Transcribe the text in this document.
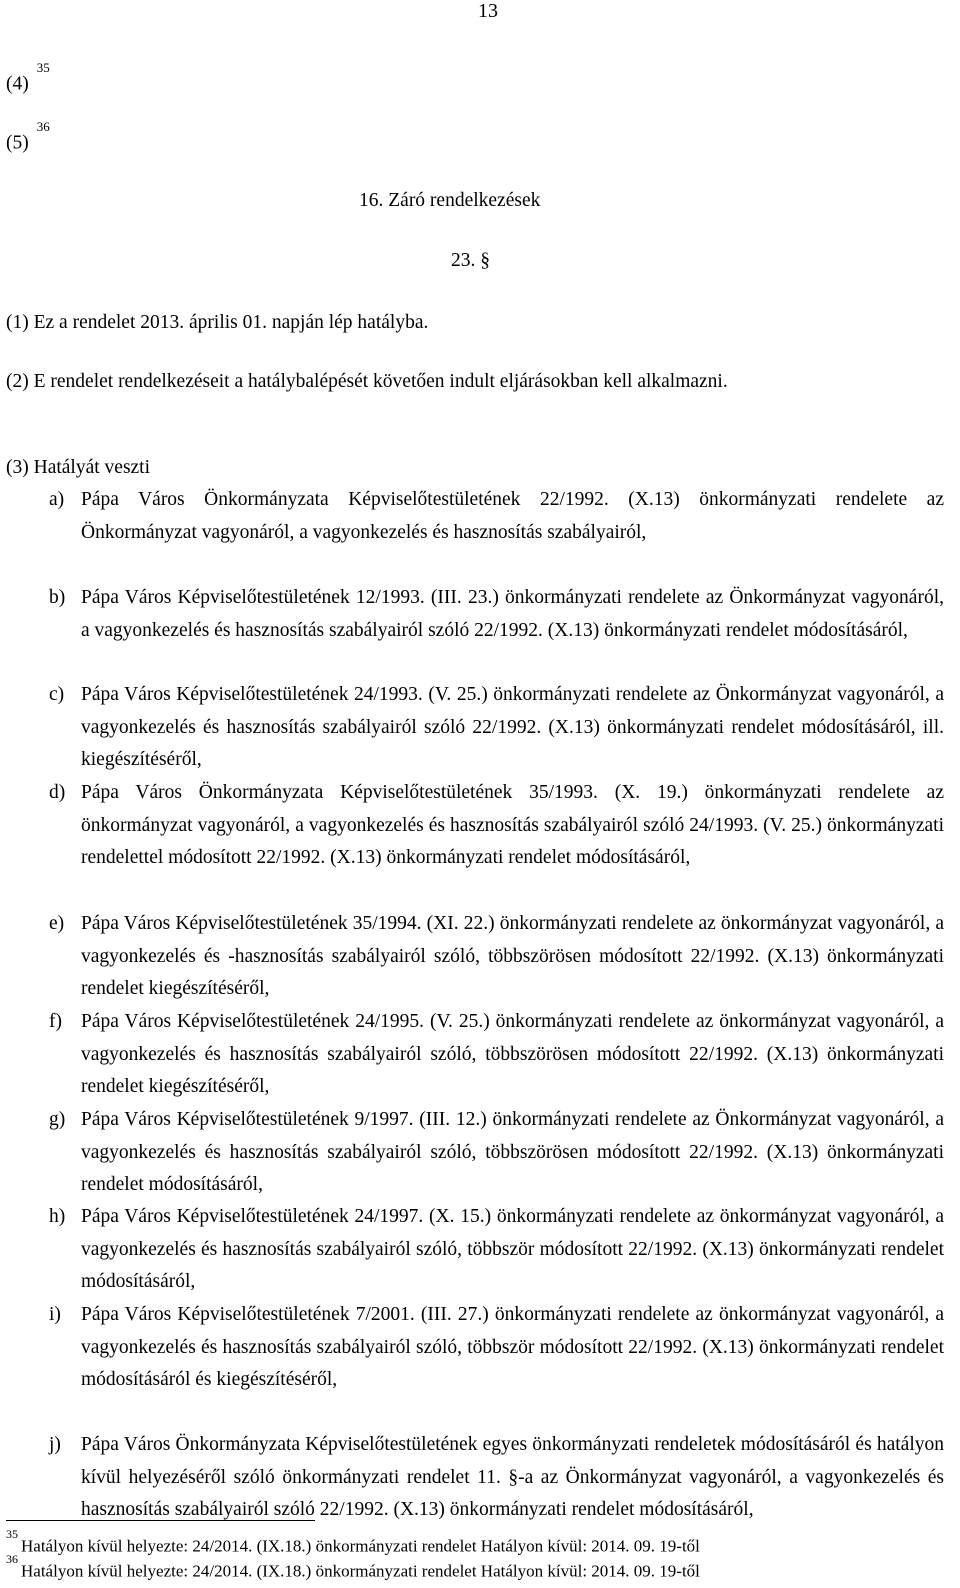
13
$(4)^{35}$
$(5)^{36}$
16. Záró rendelkezések
23. §
(1) Ez a rendelet 2013. április 01. napján lép hatályba.
(2) E rendelet rendelkezéseit a hatálybalépését követően indult eljárásokban kell alkalmazni.
(3) Hatályát veszti
a) Pápa Város Önkormányzata Képviselőtestületének 22/1992. (X.13) önkormányzati rendelete az Önkormányzat vagyonáról, a vagyonkezelés és hasznosítás szabályairól,
b) Pápa Város Képviselőtestületének 12/1993. (III. 23.) önkormányzati rendelete az Önkormányzat vagyonáról, a vagyonkezelés és hasznosítás szabályairól szóló 22/1992. (X.13) önkormányzati rendelet módosításáról,
c) Pápa Város Képviselőtestületének 24/1993. (V. 25.) önkormányzati rendelete az Önkormányzat vagyonáról, a vagyonkezelés és hasznosítás szabályairól szóló 22/1992. (X.13) önkormányzati rendelet módosításáról, ill. kiegészítéséről,
d) Pápa Város Önkormányzata Képviselőtestületének 35/1993. (X. 19.) önkormányzati rendelete az önkormányzat vagyonáról, a vagyonkezelés és hasznosítás szabályairól szóló 24/1993. (V. 25.) önkormányzati rendelettel módosított 22/1992. (X.13) önkormányzati rendelet módosításáról,
e) Pápa Város Képviselőtestületének 35/1994. (XI. 22.) önkormányzati rendelete az önkormányzat vagyonáról, a vagyonkezelés és -hasznosítás szabályairól szóló, többszörösen módosított 22/1992. (X.13) önkormányzati rendelet kiegészítéséről,
f) Pápa Város Képviselőtestületének 24/1995. (V. 25.) önkormányzati rendelete az önkormányzat vagyonáról, a vagyonkezelés és hasznosítás szabályairól szóló, többszörösen módosított 22/1992. (X.13) önkormányzati rendelet kiegészítéséről,
g) Pápa Város Képviselőtestületének 9/1997. (III. 12.) önkormányzati rendelete az Önkormányzat vagyonáról, a vagyonkezelés és hasznosítás szabályairól szóló, többszörösen módosított 22/1992. (X.13) önkormányzati rendelet módosításáról,
h) Pápa Város Képviselőtestületének 24/1997. (X. 15.) önkormányzati rendelete az önkormányzat vagyonáról, a vagyonkezelés és hasznosítás szabályairól szóló, többször módosított 22/1992. (X.13) önkormányzati rendelet módosításáról,
i) Pápa Város Képviselőtestületének 7/2001. (III. 27.) önkormányzati rendelete az önkormányzat vagyonáról, a vagyonkezelés és hasznosítás szabályairól szóló, többször módosított 22/1992. (X.13) önkormányzati rendelet módosításáról és kiegészítéséről,
j) Pápa Város Önkormányzata Képviselőtestületének egyes önkormányzati rendeletek módosításáról és hatályon kívül helyezéséről szóló önkormányzati rendelet 11. §-a az Önkormányzat vagyonáról, a vagyonkezelés és hasznosítás szabályairól szóló 22/1992. (X.13) önkormányzati rendelet módosításáról,
$^{35}$Hatályon kívül helyezte: 24/2014. (IX.18.) önkormányzati rendelet Hatályon kívül: 2014. 09. 19-től
$^{36}$Hatályon kívül helyezte: 24/2014. (IX.18.) önkormányzati rendelet Hatályon kívül: 2014. 09. 19-től
